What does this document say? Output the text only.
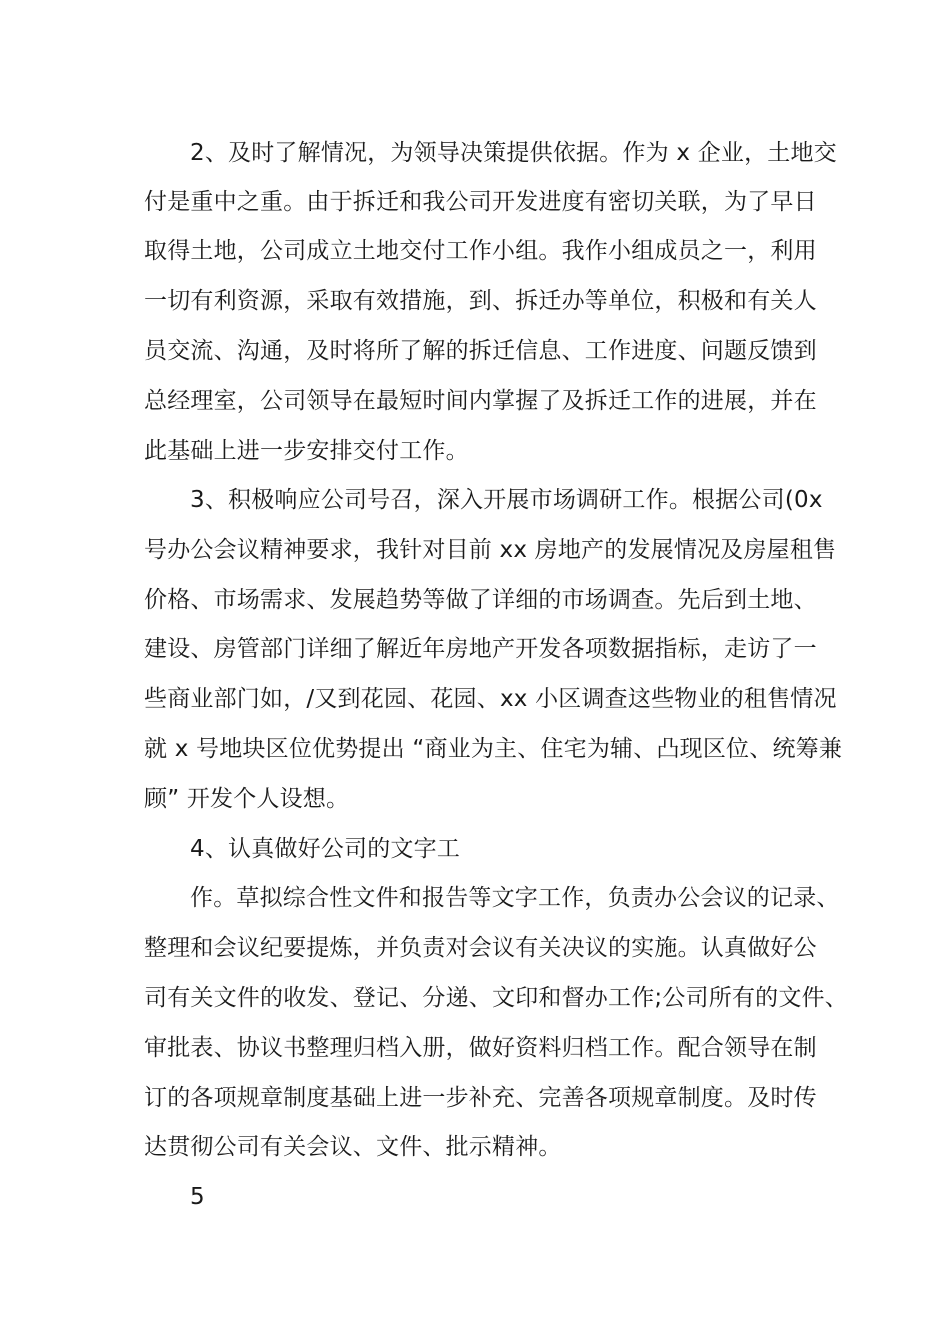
2、及时了解情况，为领导决策提供依据。作为 x 企业，土地交
付是重中之重。由于拆迁和我公司开发进度有密切关联，为了早日
取得土地，公司成立土地交付工作小组。我作小组成员之一，利用
一切有利资源，采取有效措施，到、拆迁办等单位，积极和有关人
员交流、沟通，及时将所了解的拆迁信息、工作进度、问题反馈到
总经理室，公司领导在最短时间内掌握了及拆迁工作的进展，并在
此基础上进一步安排交付工作。
3、积极响应公司号召，深入开展市场调研工作。根据公司(0x
号办公会议精神要求，我针对目前 xx 房地产的发展情况及房屋租售
价格、市场需求、发展趋势等做了详细的市场调查。先后到土地、
建设、房管部门详细了解近年房地产开发各项数据指标，走访了一
些商业部门如，/又到花园、花园、xx 小区调查这些物业的租售情况
就 x 号地块区位优势提出 “商业为主、住宅为辅、凸现区位、统筹兼
顾” 开发个人设想。
4、认真做好公司的文字工
作。草拟综合性文件和报告等文字工作，负责办公会议的记录、
整理和会议纪要提炼，并负责对会议有关决议的实施。认真做好公
司有关文件的收发、登记、分递、文印和督办工作;公司所有的文件、
审批表、协议书整理归档入册，做好资料归档工作。配合领导在制
订的各项规章制度基础上进一步补充、完善各项规章制度。及时传
达贯彻公司有关会议、文件、批示精神。
5
